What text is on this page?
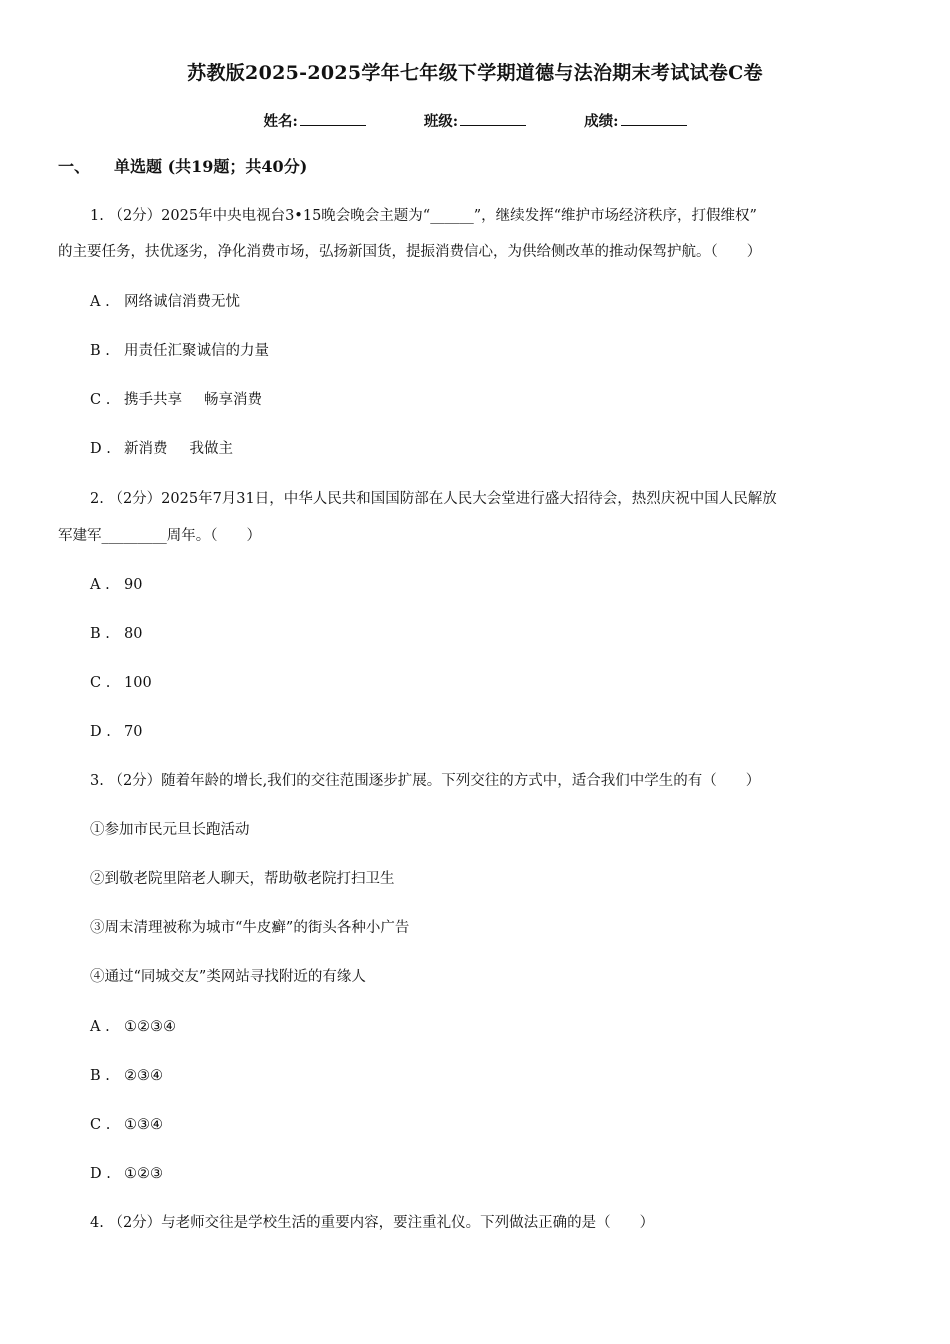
苏教版2025-2025学年七年级下学期道德与法治期末考试试卷C卷
姓名:	班级:	成绩:
一、 单选题 (共19题；共40分)
1. （2分）2025年中央电视台3•15晚会晚会主题为“______”，继续发挥“维护市场经济秩序，打假维权”
的主要任务，扶优逐劣，净化消费市场，弘扬新国货，提振消费信心，为供给侧改革的推动保驾护航。（　　）
A . 网络诚信消费无忧
B . 用责任汇聚诚信的力量
C . 携手共享 畅享消费
D . 新消费 我做主
2. （2分）2025年7月31日，中华人民共和国国防部在人民大会堂进行盛大招待会，热烈庆祝中国人民解放
军建军_________周年。（　　）
A . 90
B . 80
C . 100
D . 70
3. （2分）随着年龄的增长,我们的交往范围逐步扩展。下列交往的方式中，适合我们中学生的有（　　）
①参加市民元旦长跑活动
②到敬老院里陪老人聊天，帮助敬老院打扫卫生
③周末清理被称为城市“牛皮癣”的街头各种小广告
④通过“同城交友”类网站寻找附近的有缘人
A . ①②③④
B . ②③④
C . ①③④
D . ①②③
4. （2分）与老师交往是学校生活的重要内容，要注重礼仪。下列做法正确的是（　　）
